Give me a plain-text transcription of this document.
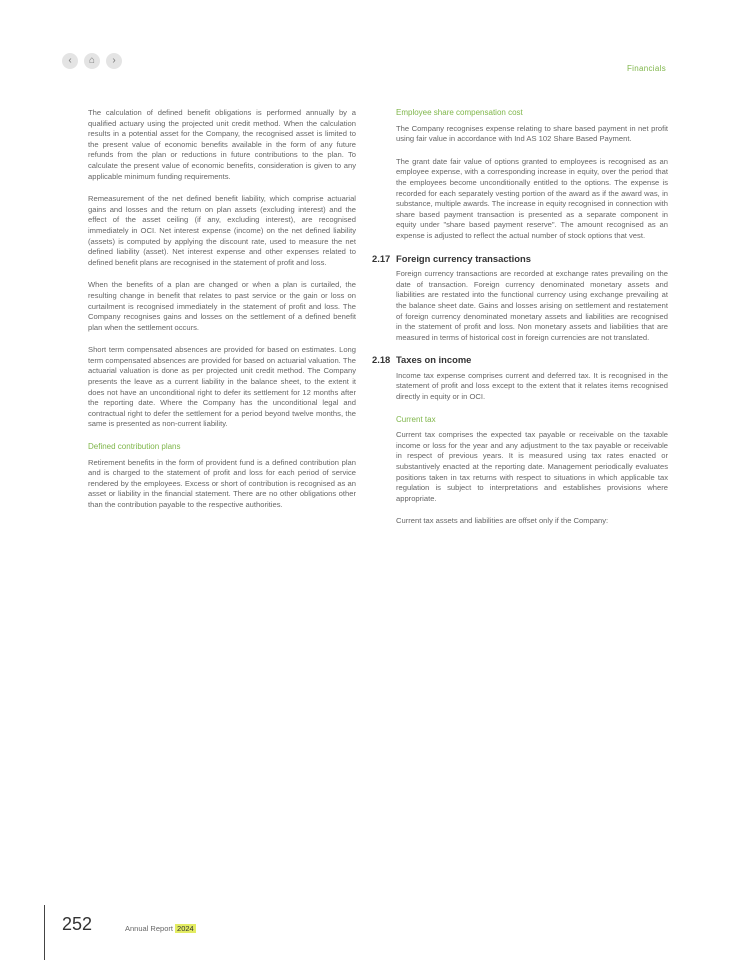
‹	⌂	›
Financials

The calculation of defined benefit obligations is performed annually by a qualified actuary using the projected unit credit method. When the calculation results in a potential asset for the Company, the recognised asset is limited to the present value of economic benefits available in the form of any future refunds from the plan or reductions in future contributions to the plan. To calculate the present value of economic benefits, consideration is given to any applicable minimum funding requirements.

Remeasurement of the net defined benefit liability, which comprise actuarial gains and losses and the return on plan assets (excluding interest) and the effect of the asset ceiling (if any, excluding interest), are recognised immediately in OCI. Net interest expense (income) on the net defined liability (assets) is computed by applying the discount rate, used to measure the net defined liability (asset). Net interest expense and other expenses related to defined benefit plans are recognised in the statement of profit and loss.

When the benefits of a plan are changed or when a plan is curtailed, the resulting change in benefit that relates to past service or the gain or loss on curtailment is recognised immediately in the statement of profit and loss. The Company recognises gains and losses on the settlement of a defined benefit plan when the settlement occurs.

Short term compensated absences are provided for based on estimates. Long term compensated absences are provided for based on actuarial valuation. The actuarial valuation is done as per projected unit credit method. The Company presents the leave as a current liability in the balance sheet, to the extent it does not have an unconditional right to defer its settlement for 12 months after the reporting date. Where the Company has the unconditional legal and contractual right to defer the settlement for a period beyond twelve months, the same is presented as non-current liability.

Defined contribution plans

Retirement benefits in the form of provident fund is a defined contribution plan and is charged to the statement of profit and loss for each period of service rendered by the employees. Excess or short of contribution is recognised as an asset or liability in the financial statement. There are no other obligations other than the contribution payable to the respective authorities.

Employee share compensation cost

The Company recognises expense relating to share based payment in net profit using fair value in accordance with Ind AS 102 Share Based Payment.

The grant date fair value of options granted to employees is recognised as an employee expense, with a corresponding increase in equity, over the period that the employees become unconditionally entitled to the options. The expense is recorded for each separately vesting portion of the award as if the award was, in substance, multiple awards. The increase in equity recognised in connection with share based payment transaction is presented as a separate component in equity under "share based payment reserve". The amount recognised as an expense is adjusted to reflect the actual number of stock options that vest.

2.17 Foreign currency transactions

Foreign currency transactions are recorded at exchange rates prevailing on the date of transaction. Foreign currency denominated monetary assets and liabilities are restated into the functional currency using exchange prevailing at the balance sheet date. Gains and losses arising on settlement and restatement of foreign currency denominated monetary assets and liabilities are recognised in the statement of profit and loss. Non monetary assets and liabilities that are measured in terms of historical cost in foreign currencies are not translated.

2.18 Taxes on income

Income tax expense comprises current and deferred tax. It is recognised in the statement of profit and loss except to the extent that it relates items recognised directly in equity or in OCI.

Current tax

Current tax comprises the expected tax payable or receivable on the taxable income or loss for the year and any adjustment to the tax payable or receivable in respect of previous years. It is measured using tax rates enacted or substantively enacted at the reporting date. Management periodically evaluates positions taken in tax returns with respect to situations in which applicable tax regulation is subject to interpretations and establishes provisions where appropriate.

Current tax assets and liabilities are offset only if the Company:

252	Annual Report 2024
